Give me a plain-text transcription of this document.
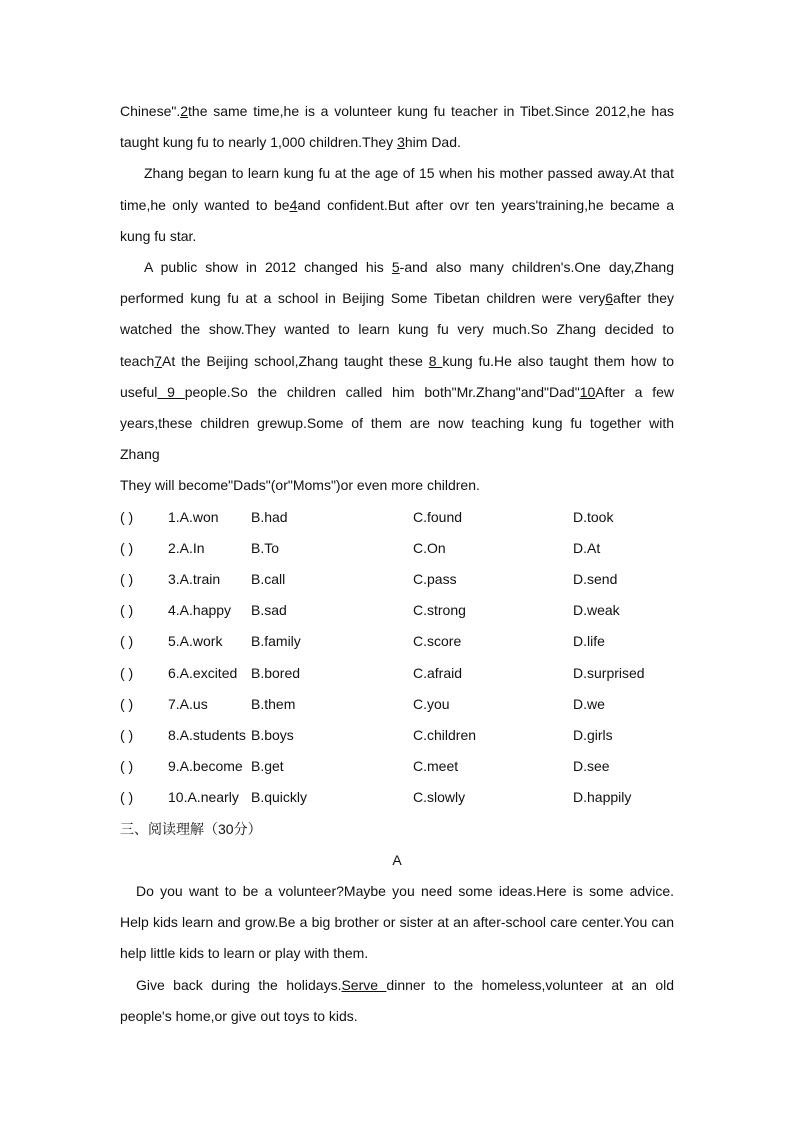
Chinese".2the same time,he is a volunteer kung fu teacher in Tibet.Since 2012,he has taught kung fu to nearly 1,000 children.They 3him Dad.

Zhang began to learn kung fu at the age of 15 when his mother passed away.At that time,he only wanted to be4and confident.But after ovr ten years'training,he became a kung fu star.

A public show in 2012 changed his 5-and also many children's.One day,Zhang performed kung fu at a school in Beijing Some Tibetan children were very6after they watched the show.They wanted to learn kung fu very much.So Zhang decided to teach7At the Beijing school,Zhang taught these 8 kung fu.He also taught them how to useful 9 people.So the children called him both"Mr.Zhang"and"Dad"10After a few years,these children grewup.Some of them are now teaching kung fu together with Zhang

They will become"Dads"(or"Moms")or even more children.

( ) 1.A.won B.had	C.found	D.took
( ) 2.A.In	B.To	C.On	D.At
( ) 3.A.train B.call	C.pass	D.send
( ) 4.A.happy B.sad	C.strong	D.weak
( ) 5.A.work B.family	C.score	D.life
( ) 6.A.excited B.bored	C.afraid	D.surprised
( ) 7.A.us	B.them	C.you	D.we
( ) 8.A.students B.boys	C.children	D.girls
( ) 9.A.become B.get	C.meet	D.see
( ) 10.A.nearly B.quickly	C.slowly	D.happily

三、阅读理解（30分）

A

Do you want to be a volunteer?Maybe you need some ideas.Here is some advice. Help kids learn and grow.Be a big brother or sister at an after-school care center.You can help little kids to learn or play with them.

Give back during the holidays.Serve dinner to the homeless,volunteer at an old people's home,or give out toys to kids.
